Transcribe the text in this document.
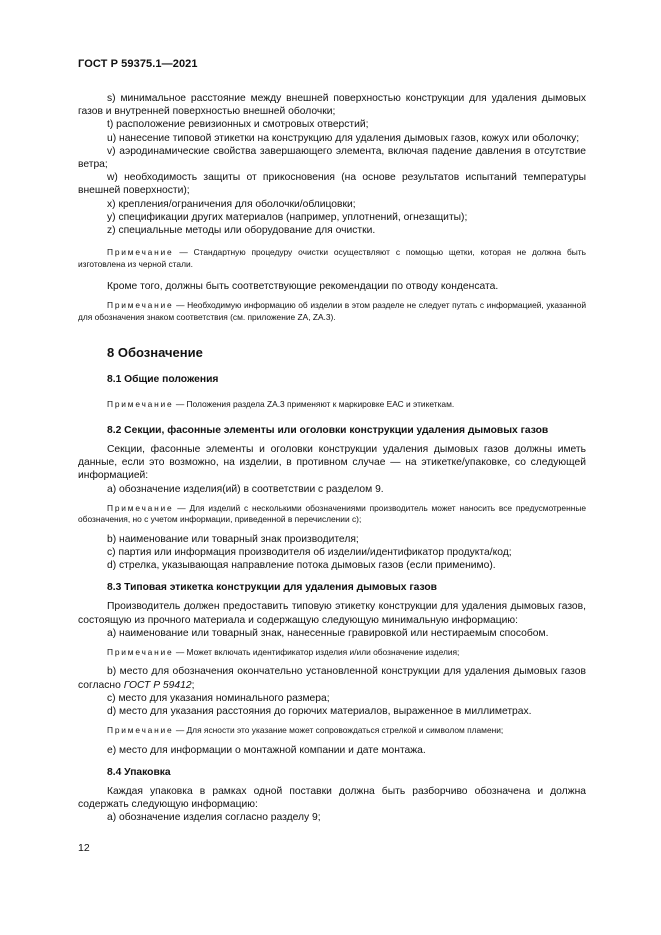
ГОСТ Р 59375.1—2021

s) минимальное расстояние между внешней поверхностью конструкции для удаления дымовых газов и внутренней поверхностью внешней оболочки;

t) расположение ревизионных и смотровых отверстий;

u) нанесение типовой этикетки на конструкцию для удаления дымовых газов, кожух или оболочку;

v) аэродинамические свойства завершающего элемента, включая падение давления в отсутствие ветра;

w) необходимость защиты от прикосновения (на основе результатов испытаний температуры внешней поверхности);

x) крепления/ограничения для оболочки/облицовки;

y) спецификации других материалов (например, уплотнений, огнезащиты);

z) специальные методы или оборудование для очистки.

Примечание — Стандартную процедуру очистки осуществляют с помощью щетки, которая не должна быть изготовлена из черной стали.

Кроме того, должны быть соответствующие рекомендации по отводу конденсата.

Примечание — Необходимую информацию об изделии в этом разделе не следует путать с информацией, указанной для обозначения знаком соответствия (см. приложение ZA, ZA.3).

8 Обозначение

8.1 Общие положения

Примечание — Положения раздела ZA.3 применяют к маркировке ЕАС и этикеткам.

8.2 Секции, фасонные элементы или оголовки конструкции удаления дымовых газов

Секции, фасонные элементы и оголовки конструкции удаления дымовых газов должны иметь данные, если это возможно, на изделии, в противном случае — на этикетке/упаковке, со следующей информацией:

а) обозначение изделия(ий) в соответствии с разделом 9.

Примечание — Для изделий с несколькими обозначениями производитель может наносить все предусмотренные обозначения, но с учетом информации, приведенной в перечислении с);

b) наименование или товарный знак производителя;

c) партия или информация производителя об изделии/идентификатор продукта/код;

d) стрелка, указывающая направление потока дымовых газов (если применимо).

8.3 Типовая этикетка конструкции для удаления дымовых газов

Производитель должен предоставить типовую этикетку конструкции для удаления дымовых газов, состоящую из прочного материала и содержащую следующую минимальную информацию:

а) наименование или товарный знак, нанесенные гравировкой или нестираемым способом.

Примечание — Может включать идентификатор изделия и/или обозначение изделия;

b) место для обозначения окончательно установленной конструкции для удаления дымовых газов согласно ГОСТ Р 59412;

c) место для указания номинального размера;

d) место для указания расстояния до горючих материалов, выраженное в миллиметрах.

Примечание — Для ясности это указание может сопровождаться стрелкой и символом пламени;

e) место для информации о монтажной компании и дате монтажа.

8.4 Упаковка

Каждая упаковка в рамках одной поставки должна быть разборчиво обозначена и должна содержать следующую информацию:

а) обозначение изделия согласно разделу 9;

12
